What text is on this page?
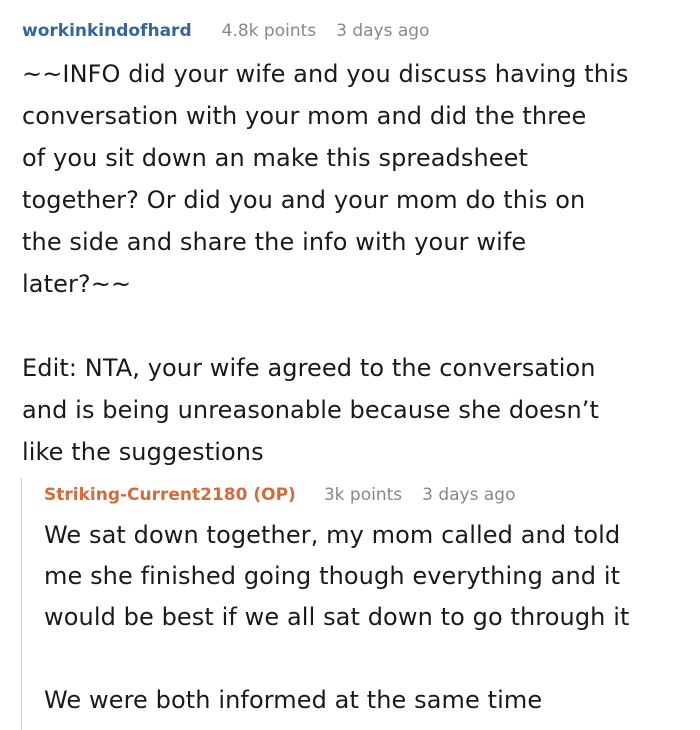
workinkindofhard 4.8k points 3 days ago

~~INFO did your wife and you discuss having this
conversation with your mom and did the three
of you sit down an make this spreadsheet
together? Or did you and your mom do this on
the side and share the info with your wife
later?~~

Edit: NTA, your wife agreed to the conversation
and is being unreasonable because she doesn’t
like the suggestions

Striking-Current2180 (OP) 3k points 3 days ago

We sat down together, my mom called and told
me she finished going though everything and it
would be best if we all sat down to go through it

We were both informed at the same time
